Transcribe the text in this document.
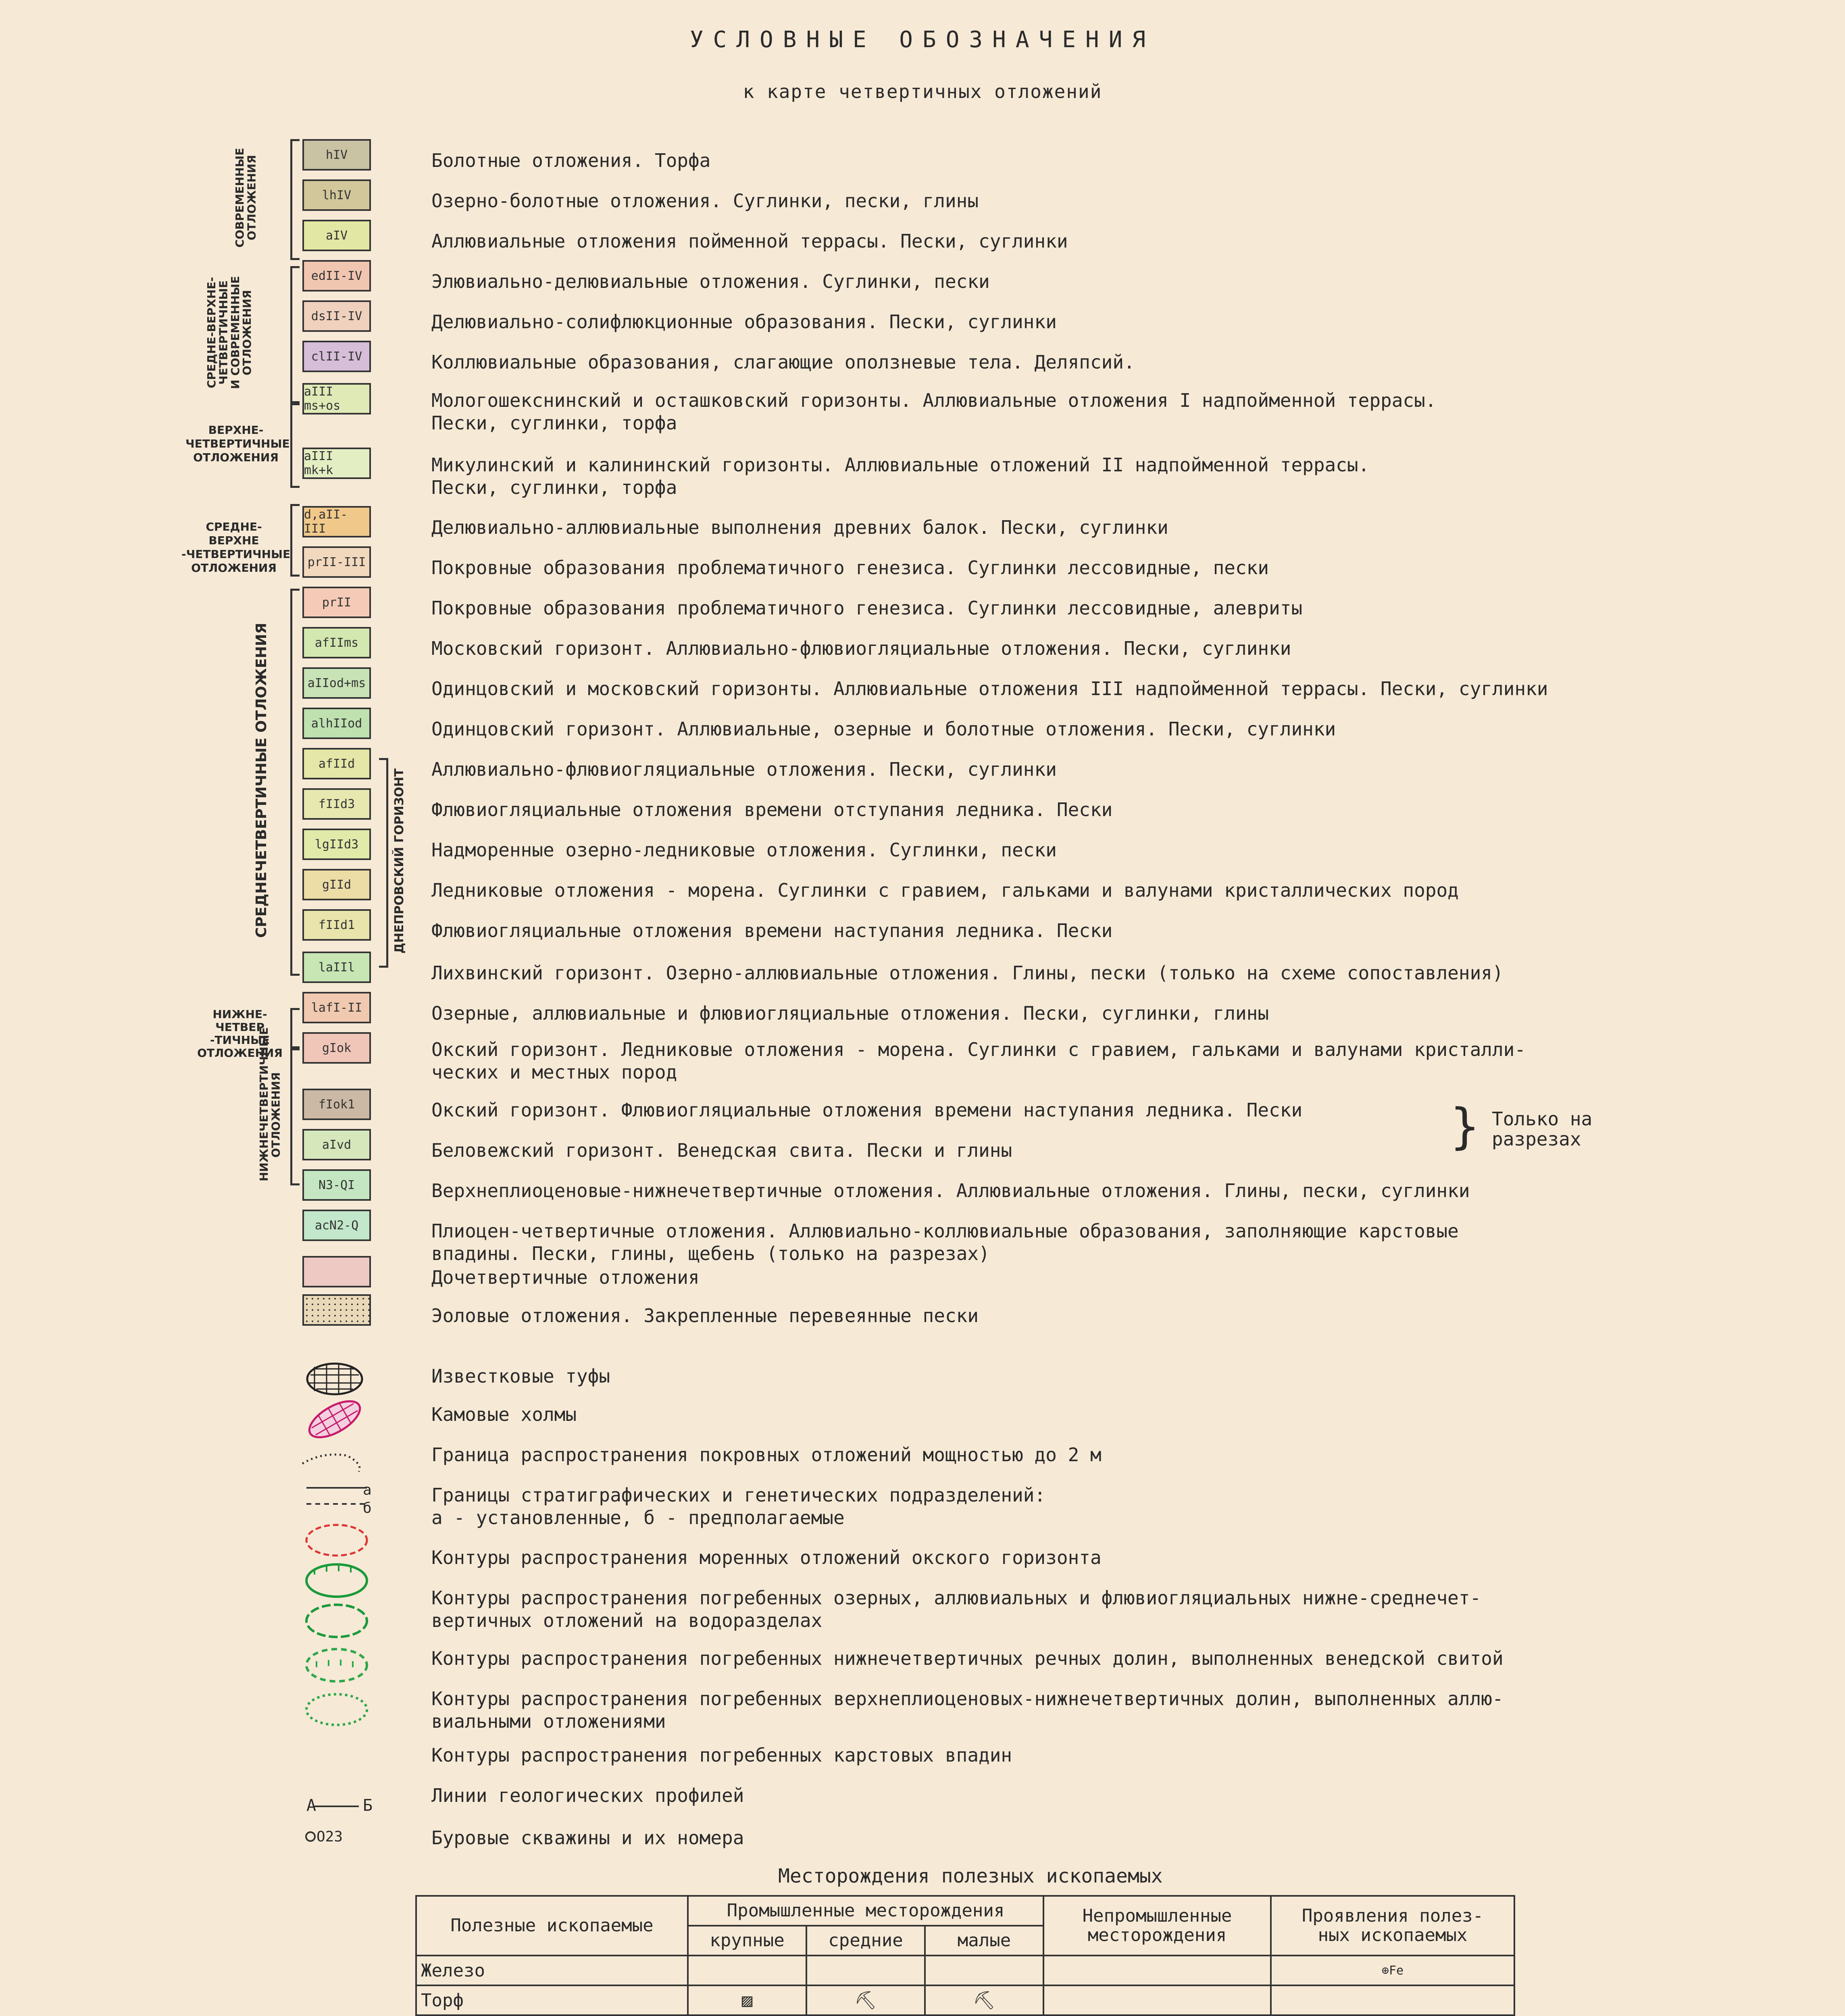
УСЛОВНЫЕ ОБОЗНАЧЕНИЯ
к карте четвертичных отложений
СОВРЕМЕННЫЕ
ОТЛОЖЕНИЯ
СРЕДНЕ-ВЕРХНЕ-
ЧЕТВЕРТИЧНЫЕ
И СОВРЕМЕННЫЕ
ОТЛОЖЕНИЯ
ВЕРХНЕ-
ЧЕТВЕРТИЧНЫЕ
ОТЛОЖЕНИЯ
СРЕДНЕ-ВЕРХНЕ
-ЧЕТВЕРТИЧНЫЕ
ОТЛОЖЕНИЯ
СРЕДНЕЧЕТВЕРТИЧНЫЕ ОТЛОЖЕНИЯ	ДНЕПРОВСКИЙ ГОРИЗОНТ
НИЖНЕ-ЧЕТВЕР
-ТИЧНЫЕ
ОТЛОЖЕНИЯ
НИЖНЕЧЕТВЕРТИЧНЫЕ
ОТЛОЖЕНИЯ
hIV	Болотные отложения. Торфа
lhIV	Озерно-болотные отложения. Суглинки, пески, глины
aIV	Аллювиальные отложения пойменной террасы. Пески, суглинки
edII-IV	Элювиально-делювиальные отложения. Суглинки, пески
dsII-IV	Делювиально-солифлюкционные образования. Пески, суглинки
clII-IV	Коллювиальные образования, слагающие оползневые тела. Деляпсий.
aIII ms+os	Мологошекснинский и осташковский горизонты. Аллювиальные отложения I надпойменной террасы.
Пески, суглинки, торфа
aIII mk+k	Микулинский и калининский горизонты. Аллювиальные отложений II надпойменной террасы.
Пески, суглинки, торфа
d,aII-III	Делювиально-аллювиальные выполнения древних балок. Пески, суглинки
prII-III	Покровные образования проблематичного генезиса. Суглинки лессовидные, пески
prII	Покровные образования проблематичного генезиса. Суглинки лессовидные, алевриты
afIIms	Московский горизонт. Аллювиально-флювиогляциальные отложения. Пески, суглинки
aIIod+ms	Одинцовский и московский горизонты. Аллювиальные отложения III надпойменной террасы. Пески, суглинки
alhIIod	Одинцовский горизонт. Аллювиальные, озерные и болотные отложения. Пески, суглинки
afIId	Аллювиально-флювиогляциальные отложения. Пески, суглинки
fIId3	Флювиогляциальные отложения времени отступания ледника. Пески
lgIId3	Надморенные озерно-ледниковые отложения. Суглинки, пески
gIId	Ледниковые отложения - морена. Суглинки с гравием, гальками и валунами кристаллических пород
fIId1	Флювиогляциальные отложения времени наступания ледника. Пески
laIIl	Лихвинский горизонт. Озерно-аллювиальные отложения. Глины, пески (только на схеме сопоставления)
lafI-II	Озерные, аллювиальные и флювиогляциальные отложения. Пески, суглинки, глины
gIok	Окский горизонт. Ледниковые отложения - морена. Суглинки с гравием, гальками и валунами кристалли-
ческих и местных пород
fIok1	Окский горизонт. Флювиогляциальные отложения времени наступания ледника. Пески
aIvd	Беловежский горизонт. Венедская свита. Пески и глины
N3-QI	Верхнеплиоценовые-нижнечетвертичные отложения. Аллювиальные отложения. Глины, пески, суглинки
acN2-Q	Плиоцен-четвертичные отложения. Аллювиально-коллювиальные образования, заполняющие карстовые
впадины. Пески, глины, щебень (только на разрезах)
Дочетвертичные отложения
Эоловые отложения. Закрепленные перевеянные пески
} Только на
разрезах
а
б
А	Б
О23
Известковые туфы
Камовые холмы
Граница распространения покровных отложений мощностью до 2 м
Границы стратиграфических и генетических подразделений:
а - установленные, б - предполагаемые
Контуры распространения моренных отложений окского горизонта
Контуры распространения погребенных озерных, аллювиальных и флювиогляциальных нижне-среднечет-
вертичных отложений на водоразделах
Контуры распространения погребенных нижнечетвертичных речных долин, выполненных венедской свитой
Контуры распространения погребенных верхнеплиоценовых-нижнечетвертичных долин, выполненных аллю-
виальными отложениями
Контуры распространения погребенных карстовых впадин
Линии геологических профилей
Буровые скважины и их номера
Месторождения полезных ископаемых
Полезные ископаемые	Промышленные месторождения			Непромышленные
месторождения	Проявления полез-
ных ископаемых
	крупные	средние	малые		
Железо					⊕Fe
Торф	▨	⛏	⛏		
